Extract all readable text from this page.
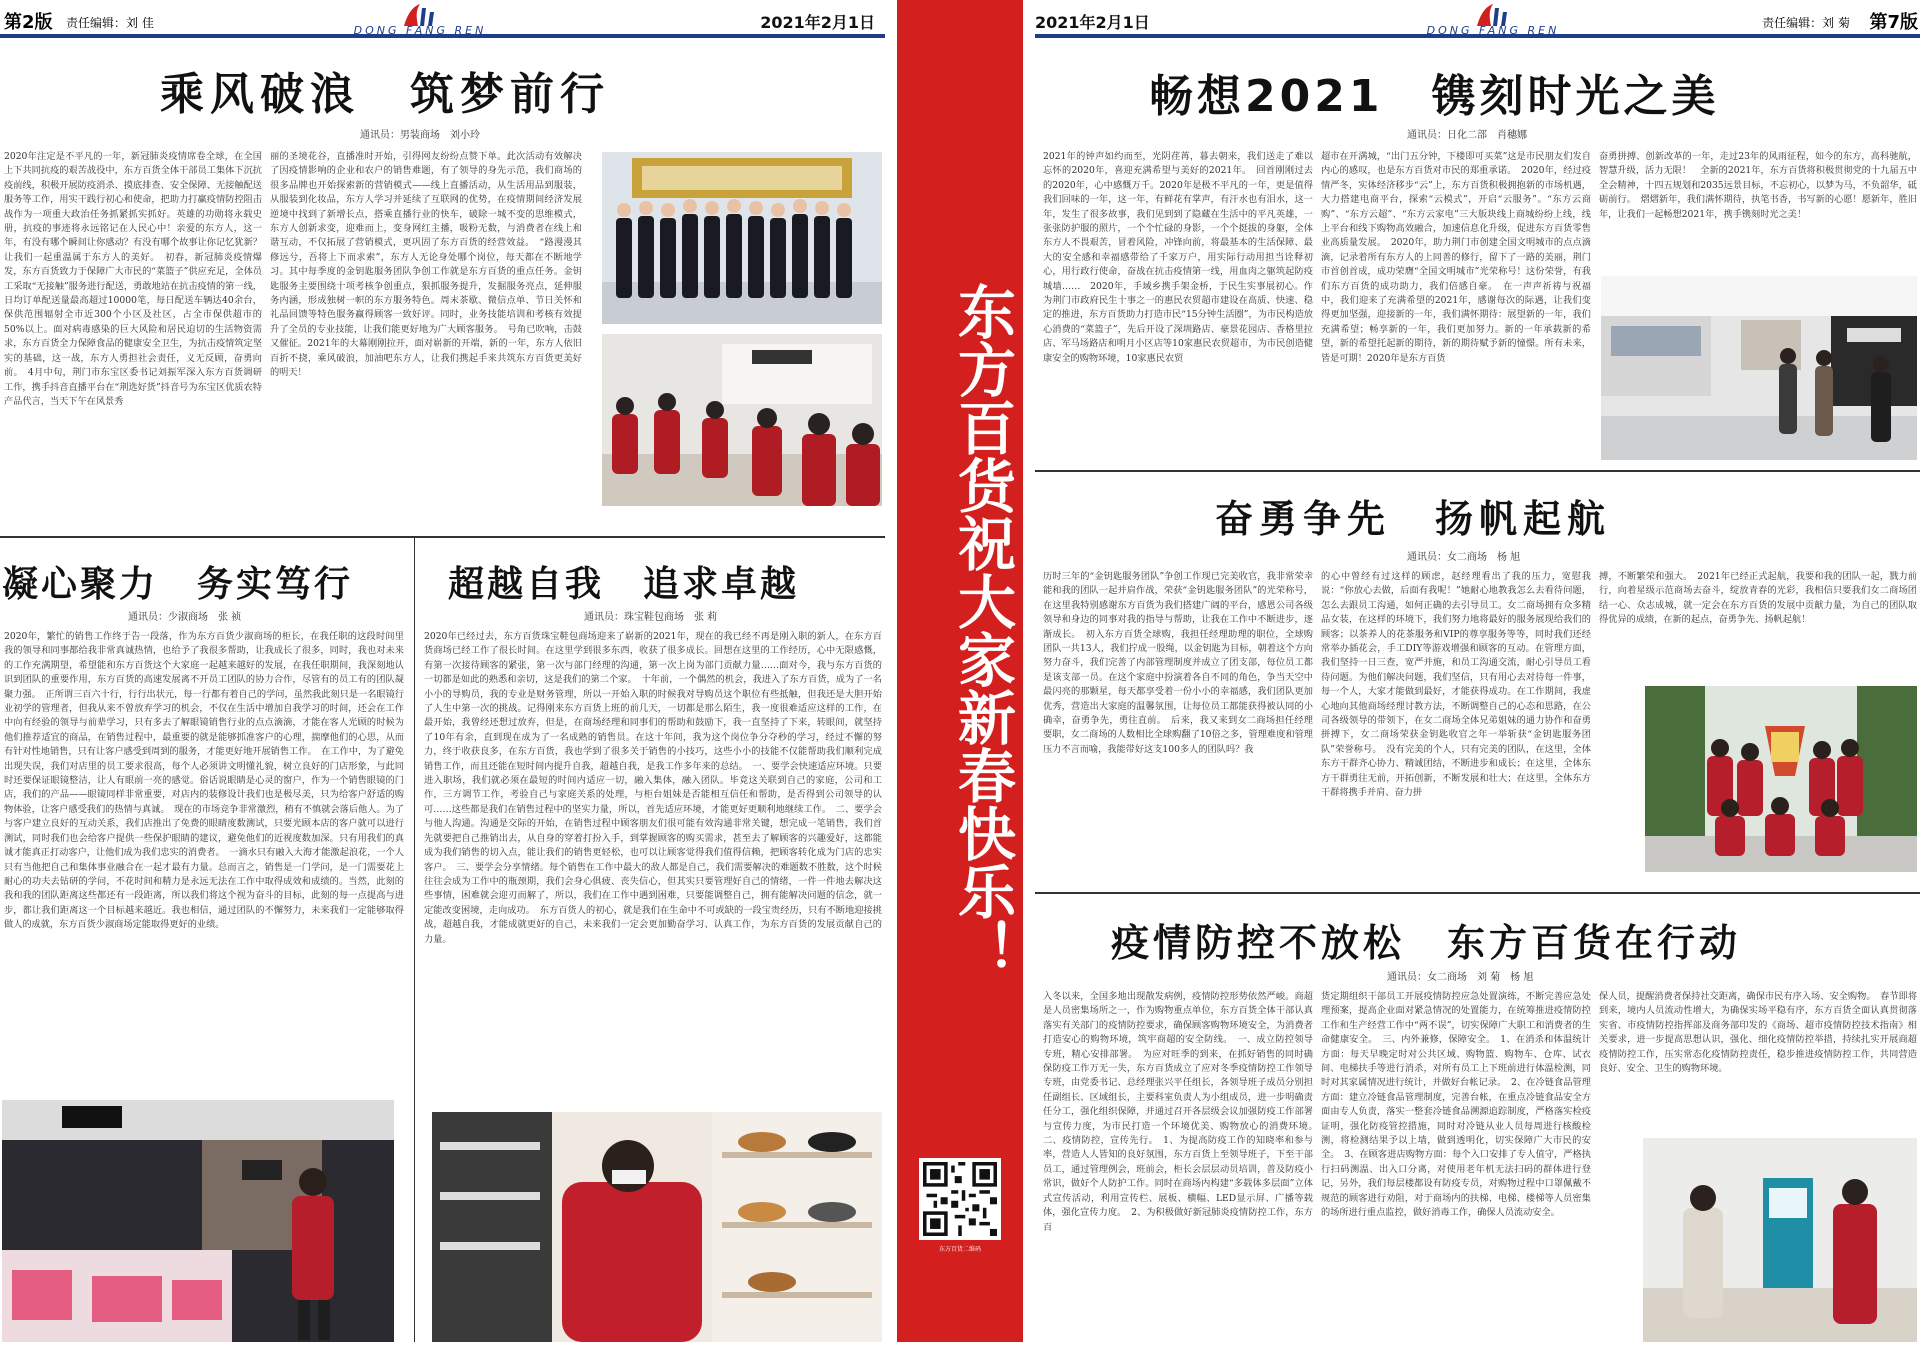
第2版 责任编辑：刘 佳
DONG FANG REN	2021年2月1日
乘风破浪　筑梦前行
通讯员：男装商场　刘小玲
2020年注定是不平凡的一年，新冠肺炎疫情席卷全球，在全国上下共同抗疫的艰苦战役中，东方百货全体干部员工集体下沉抗疫前线，积极开展防疫消杀、摸底排查、安全保障、无接触配送服务等工作，用实干践行初心和使命，把助力打赢疫情防控阻击战作为一项重大政治任务抓紧抓实抓好。英雄的功勋将永载史册，抗疫的事迹将永远铭记在人民心中！亲爱的东方人，这一年，有没有哪个瞬间让你感动？有没有哪个故事让你记忆犹新？让我们一起重温属于东方人的美好。　初春，新冠肺炎疫情爆发，东方百货致力于保障广大市民的“菜篮子”供应充足，全体员工采取“无接触”服务进行配送，勇敢地站在抗击疫情的第一线，日均订单配送量最高超过10000笔，每日配送车辆达40余台，保供范围辐射全市近300个小区及社区，占全市保供超市的50%以上。面对病毒感染的巨大风险和居民迫切的生活物资需求，东方百货全力保障食品的健康安全卫生，为抗击疫情筑定坚实的基础，这一战，东方人勇担社会责任，义无反顾，奋勇向前。　4月中旬，荆门市东宝区委书记刘振军深入东方百货调研工作，携手抖音直播平台在“荆选好货”抖音号为东宝区优质农特产品代言，当天下午在风景秀
丽的圣境花谷，直播准时开始，引得网友纷纷点赞下单。此次活动有效解决了因疫情影响的企业和农户的销售难题，有了领导的身先示范，我们商场的很多品牌也开始探索新的营销模式——线上直播活动，从生活用品到服装，从服装到化妆品，东方人学习并延续了互联网的优势，在疫情期间经济发展逆境中找到了新增长点，搭乘直播行业的快车，破除一城不变的思维模式，东方人创新求变，迎难而上，变身网红主播，吸粉无数，与消费者在线上和谐互动，不仅拓展了营销模式，更巩固了东方百货的经营效益。　“路漫漫其修远兮，吾将上下而求索”，东方人无论身处哪个岗位，每天都在不断地学习。其中每季度的金钥匙服务团队争创工作就是东方百货的重点任务。金钥匙服务主要围绕十项考核争创重点，狠抓服务提升，发掘服务亮点，延伸服务内涵，形成独树一帜的东方服务特色。周末茶歇、微信点单、节日关怀和礼品回馈等特色服务赢得顾客一致好评。同时，业务技能培训和考核有效提升了全员的专业技能，让我们能更好地为广大顾客服务。　号角已吹响，击鼓又催征。2021年的大幕刚刚拉开，面对崭新的开端，新的一年，东方人依旧百折不挠，乘风破浪，加油吧东方人，让我们携起手来共筑东方百货更美好的明天！
凝心聚力　务实笃行
通讯员：少淑商场　张 祯
2020年，繁忙的销售工作终于告一段落，作为东方百货少淑商场的柜长，在我任职的这段时间里我的领导和同事都给我非常真诚热情，也给予了我很多帮助，让我成长了很多，同时，我也对未来的工作充满期望，希望能和东方百货这个大家庭一起越来越好的发展，在我任职期间，我深刻地认识到团队的重要作用，东方百货的高速发展离不开员工团队的协力合作，尽管有的员工有的团队凝聚力强。　正所谓三百六十行，行行出状元，每一行都有着自己的学问，虽然我此刻只是一名眼镜行业初学的管理者，但我从来不曾放弃学习的机会，不仅在生活中增加自我学习的时间，还会在工作中向有经验的领导与前辈学习，只有多去了解眼镜销售行业的点点滴滴，才能在客人光顾的时候为他们推荐适宜的商品，在销售过程中，最重要的就是能够抓准客户的心理，揣摩他们的心思，从而有针对性地销售，只有让客户感受到周到的服务，才能更好地开展销售工作。　在工作中，为了避免出现失误，我们对店里的员工要求很高，每个人必须讲文明懂礼貌，树立良好的门店形象，与此同时还要保证眼镜整洁，让人有眼前一亮的感觉。俗话说眼睛是心灵的窗户，作为一个销售眼镜的门店，我们的产品——眼镜同样非常重要，对店内的装修设计我们也是极尽美，只为给客户舒适的购物体验，让客户感受我们的热情与真诚。　现在的市场竞争非常激烈，稍有不慎就会落后他人。为了与客户建立良好的互动关系，我们店推出了免费的眼睛度数测试，只要光顾本店的客户就可以进行测试，同时我们也会给客户提供一些保护眼睛的建议，避免他们的近视度数加深。只有用我们的真诚才能真正打动客户，让他们成为我们忠实的消费者。　一滴水只有融入大海才能激起浪花，一个人只有当他把自己和集体事业融合在一起才最有力量。总而言之，销售是一门学问，是一门需要花上耐心的功夫去钻研的学问，不花时间和精力是永远无法在工作中取得成效和成绩的。当然，此刻的我和我的团队距离这些都还有一段距离，所以我们将这个视为奋斗的目标，此刻的每一点提高与进步，都让我们距离这一个目标越来越近。我也相信，通过团队的不懈努力，未来我们一定能够取得做人的成就，东方百货少淑商场定能取得更好的业绩。
超越自我　追求卓越
通讯员：珠宝鞋包商场　张 莉
2020年已经过去，东方百货珠宝鞋包商场迎来了崭新的2021年，现在的我已经不再是刚入职的新人，在东方百货商场已经工作了很长时间。在这里学到很多东西，收获了很多成长。回想在这里的工作经历，心中无限感慨，有第一次接待顾客的紧张，第一次与部门经理的沟通，第一次上岗为部门贡献力量……面对今，我与东方百货的一切都是如此的熟悉和亲切，这是我们的第二个家。　十年前，一个偶然的机会，我进入了东方百货，成为了一名小小的导购员，我的专业是财务管理，所以一开始入职的时候我对导购员这个职位有些抵触，但我还是大胆开始了人生中第一次的挑战。记得刚来东方百货上班的前几天，一切都是那么陌生，我一度很难适应这样的工作，在最开始，我曾经还想过放弃，但是，在商场经理和同事们的帮助和鼓励下，我一直坚持了下来，转眼间，就坚持了10年有余，直到现在成为了一名成熟的销售员。在这十年间，我为这个岗位争分夺秒的学习，经过不懈的努力，终于收获良多，在东方百货，我也学到了很多关于销售的小技巧，这些小小的技能不仅能帮助我们顺利完成销售工作，而且还能在短时间内提升自我，超越自我，是我工作多年来的总结。　一、要学会快速适应环境。只要进入职场，我们就必须在最短的时间内适应一切，融入集体，融入团队。毕竟这关联到自己的家庭，公司和工作，三方调节工作，考验自己与家庭关系的处理，与柜台姐妹是否能相互信任和帮助，是否得到公司领导的认可……这些都是我们在销售过程中的坚实力量，所以，首先适应环境，才能更好更顺利地继续工作。　二、要学会与他人沟通。沟通是交际的开始，在销售过程中顾客朋友们很可能有效沟通非常关键，想完成一笔销售，我们首先就要把自己推销出去，从自身的穿着打扮入手，到掌握顾客的购买需求，甚至去了解顾客的兴趣爱好，这都能成为我们销售的切入点，能让我们的销售更轻松，也可以让顾客觉得我们值得信赖，把顾客转化成为门店的忠实客户。　三、要学会分享情绪。每个销售在工作中最大的敌人都是自己，我们需要解决的难题数不胜数，这个时候往往会成为工作中的瓶颈期，我们会身心俱疲、丧失信心，但其实只要管理好自己的情绪，一件一件地去解决这些事情，困难就会迎刃而解了，所以，我们在工作中遇到困难，只要能调整自己，拥有能解决问题的信念，就一定能改变困境，走向成功。　东方百货人的初心，就是我们在生命中不可或缺的一段宝贵经历，只有不断地迎接挑战，超越自我，才能成就更好的自己，未来我们一定会更加勤奋学习、认真工作，为东方百货的发展贡献自己的力量。	东方百货祝大家新春快乐！
东方百货二维码
2021年2月1日	DONG FANG REN
责任编辑：刘 菊 第7版
畅想2021　镌刻时光之美
通讯员：日化二部　肖穗娜
2021年的钟声如约而至，光阴荏苒，暮去朝来，我们送走了难以忘怀的2020年，喜迎充满希望与美好的2021年。　回首刚刚过去的2020年，心中感慨万千。2020年是极不平凡的一年，更是值得我们回味的一年，这一年，有鲜花有掌声，有汗水也有泪水，这一年，发生了很多故事，我们见到到了隐藏在生活中的平凡英雄，一张张防护服的照片，一个个忙碌的身影，一个个挺拔的身躯，全体东方人不畏艰苦，冒着风险，冲锋向前，将最基本的生活保障、最大的安全感和幸福感带给了千家万户，用实际行动用担当诠释初心，用行政行使命，奋战在抗击疫情第一线，用血肉之躯筑起防疫城墙……　2020年，手域乡携手架金桥，于民生实事展初心。作为荆门市政府民生十事之一的惠民农贸超市建设在高质、快速、稳定的推进，东方百货助力打造市民“15分钟生活圈”，为市民构造放心消费的“菜篮子”，先后开设了深圳路店、豪景花园店、香格里拉店、军马场路店和明月小区店等10家惠民农贸超市，为市民创造健康安全的购物环境，10家惠民农贸
超市在开满城，“出门五分钟，下楼即可买菜”这是市民朋友们发自内心的感叹，也是东方百货对市民的郑重承诺。　2020年，经过疫情严冬，实体经济移步“云”上，东方百货积极拥抱新的市场机遇，大力搭建电商平台，探索“云模式”，开启“云服务”。“东方云商购”、“东方云超”、“东方云家电”三大版块线上商城纷纷上线，线上平台和线下购物高效融合，加速信息化升级，促进东方百货零售业高质量发展。　2020年，助力荆门市创建全国文明城市的点点滴滴，记录着所有东方人的上同善的修行，留下了一路的美丽，荆门市首创首成，成功荣膺“全国文明城市”光荣称号！这份荣誉，有我们东方百货的成功助力，我们倍感自豪。　在一声声祈祷与祝福中，我们迎来了充满希望的2021年，感谢每次的际遇，让我们变得更加坚强，迎接新的一年，我们满怀期待：展望新的一年，我们充满希望；畅享新的一年，我们更加努力。新的一年承载新的希望，新的希望托起新的期待，新的期待赋予新的憧憬。所有未来，皆是可期！2020年是东方百货
奋勇拼搏、创新改革的一年，走过23年的风雨征程，如今的东方，高科驰航，智慧升级，活力无限！　全新的2021年，东方百货将积极贯彻党的十九届五中全会精神，十四五规划和2035远景目标，不忘初心，以梦为马，不负韶华，砥砺前行。　熠熠新年，我们满怀期待，执笔书香，书写新的心愿！愿新年，胜旧年，让我们一起畅想2021年，携手镌刻时光之美！
奋勇争先　扬帆起航
通讯员：女二商场　杨 旭
历时三年的“金钥匙服务团队”争创工作现已完美收官，我非常荣幸能和我的团队一起并肩作战，荣获“金钥匙服务团队”的光荣称号，在这里我特别感谢东方百货为我们搭建广阔的平台，感恩公司各级领导和身边的同事对我的指导与帮助，让我在工作中不断进步，逐渐成长。　初入东方百货全球购，我担任经理助理的职位，全球购团队一共13人，我们拧成一股绳，以金钥匙为目标，朝着这个方向努力奋斗，我们完善了内部管理制度并成立了团支部，每位员工都是该支部一员。在这个家庭中扮演着各自不同的角色，争当天空中最闪亮的那颗星，每天都享受着一份小小的幸福感，我们团队更加优秀，营造出大家庭的温馨氛围，让每位员工都能获得被认同的小确幸，奋勇争先，勇往直前。　后来，我又来到女二商场担任经理要职，女二商场的人数相比全球购翻了10倍之多，管理难度和管理压力不言而喻，我能带好这支100多人的团队吗？我
的心中曾经有过这样的顾虑，赵经理看出了我的压力，宽慰我说：“你放心去做，后面有我呢！”她耐心地教我怎么去看待问题，怎么去跟员工沟通，如何正确的去引导员工。女二商场拥有众多精品女装，在这样的环境下，我们努力地将最好的服务展现给我们的顾客；以茶养人的花茶服务和VIP的尊享服务等等，同时我们还经常举办插花会，手工DIY等游戏增强和顾客的互动。在管理方面，我们坚持一日三查，宽严并施，和员工沟通交流，耐心引导员工看待问题。为他们解决问题，我们坚信，只有用心去对待每一件事，每一个人，大家才能做到最好，才能获得成功。在工作期间，我虚心地向其他商场经理讨教方法，不断调整自己的心态和思路，在公司各级领导的带领下，在女二商场全体兄弟姐妹的通力协作和奋勇拼搏下，女二商场荣获金钥匙收官之年一举斩获“金钥匙服务团队”荣誉称号。　没有完美的个人，只有完美的团队，在这里，全体东方干群齐心协力、精诚团结，不断进步和成长；在这里，全体东方干群勇往无前，开拓创新，不断发展和壮大；在这里，全体东方干群将携手并肩、奋力拼
搏，不断繁荣和强大。　2021年已经正式起航，我要和我的团队一起，戮力前行，向着星级示范商场去奋斗，绽放青春的光彩，我相信只要我们女二商场团结一心、众志成城，就一定会在东方百货的发展中贡献力量，为自己的团队取得优异的成绩，在新的起点，奋勇争先、扬帆起航！
疫情防控不放松　东方百货在行动
通讯员：女二商场　刘 菊　杨 旭
入冬以来，全国多地出现散发病例，疫情防控形势依然严峻。商超是人员密集场所之一，作为购物重点单位，东方百货全体干部认真落实有关部门的疫情防控要求，确保顾客购物环境安全，为消费者打造安心的购物环境，筑牢商超的安全防线。　一、成立防控领导专班，精心安排部署。　为应对旺季的到来，在抓好销售的同时确保防疫工作万无一失，东方百货成立了应对冬季疫情防控工作领导专班，由党委书记、总经理张兴平任组长，各领导班子成员分别担任副组长、区域组长，主要科室负责人为小组成员，进一步明确责任分工，强化组织保障，并通过召开各层级会议加强防疫工作部署与宣传力度，为市民打造一个环境优美、购物放心的消费环境。　二、疫情防控，宣传先行。　1、为提高防疫工作的知晓率和参与率，营造人人皆知的良好氛围，东方百货上至领导班子，下至干部员工，通过管理例会，班前会，柜长会层层动员培训，普及防疫小常识，做好个人防护工作。同时在商场内构建“多载体多层面”立体式宣传活动，利用宣传栏、展板、横幅、LED显示屏、广播等载体，强化宣传力度。　2、为积极做好新冠肺炎疫情防控工作，东方百
货定期组织干部员工开展疫情防控应急处置演练，不断完善应急处理预案，提高企业面对紧急情况的处置能力，在统筹推进疫情防控工作和生产经营工作中“两不误”，切实保障广大职工和消费者的生命健康安全。　三、内外兼修，保障安全。　1、在消杀和体温统计方面：每天早晚定时对公共区域、购物篮、购物车、仓库、试衣间、电梯扶手等进行消杀，对所有员工上下班前进行体温检测，同时对其家属情况进行统计，并做好台帐记录。　2、在冷链食品管理方面：建立冷链食品管理制度，完善台帐，在重点冷链食品安全方面由专人负责，落实一整套冷链食品溯源追踪制度，严格落实检疫证明，强化防疫管控措施，同时对冷链从业人员每周进行核酸检测，将检测结果予以上墙，做到透明化，切实保障广大市民的安全。　3、在顾客进店购物方面：每个入口安排了专人值守，严格执行扫码测温、出入口分离，对使用老年机无法扫码的群体进行登记，另外，我们每层楼都设有防疫专员，对购物过程中口罩佩戴不规范的顾客进行劝阻，对于商场内的扶梯、电梯、楼梯等人员密集的场所进行重点监控，做好消毒工作，确保人员流动安全。
保人员，提醒消费者保持社交距离，确保市民有序入场、安全购物。　春节即将到来，境内人员流动性增大，为确保实场平稳有序，东方百货全面认真贯彻落实省、市疫情防控指挥部及商务部印发的《商场、超市疫情防控技术指南》相关要求，进一步提高思想认识，强化、细化疫情防控举措，持续扎实开展商超疫情防控工作，压实常态化疫情防控责任，稳步推进疫情防控工作，共同营造良好、安全、卫生的购物环境。
